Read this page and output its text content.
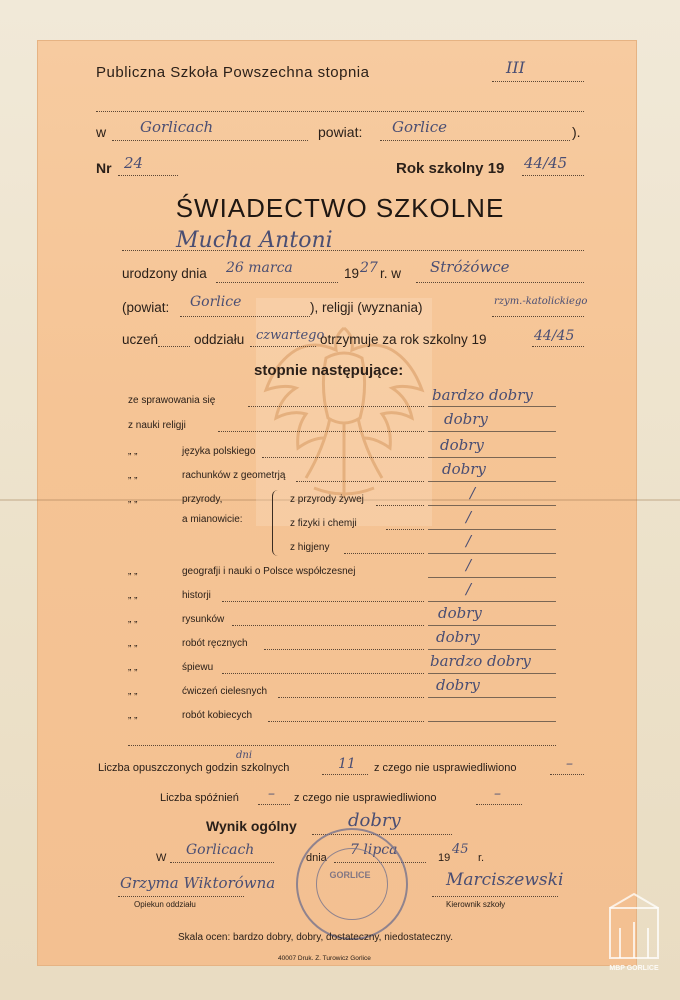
Publiczna Szkoła Powszechna stopnia	III
w Gorlicach	powiat: Gorlice	).
Nr 24	Rok szkolny 19 44/45
ŚWIADECTWO SZKOLNE
Mucha Antoni
urodzony dnia 26 marca	19 27 r. w Stróżówce
(powiat: Gorlice	), religji (wyznania)	rzym.-katolickiego
uczeń	oddziału czwartego
otrzymuje za rok szkolny 19	44/45
stopnie następujące:
ze sprawowania się	bardzo dobry
z nauki religji	dobry
„ „	języka polskiego	dobry
„ „	rachunków z geometrją	dobry
„ „	przyrody,
a mianowicie:
z przyrody żywej	/
z fizyki i chemji	/
z higjeny	/
„ „	geografji i nauki o Polsce współczesnej	/
„ „	historji	/
„ „	rysunków	dobry
„ „	robót ręcznych	dobry
„ „	śpiewu	bardzo dobry
„ „	ćwiczeń cielesnych	dobry
„ „	robót kobiecych
Liczba opuszczonych godzin szkolnych
dni
11 z czego nie usprawiedliwiono	–
Liczba spóźnień – z czego nie usprawiedliwiono	–
Wynik ogólny	dobry
W Gorlicach	dnia 7 lipca	19
45
r.
GORLICE
Grzyma Wiktorówna
Opiekun oddziału
Marciszewski
Kierownik szkoły
Skala ocen: bardzo dobry, dobry, dostateczny, niedostateczny.
40007 Druk. Z. Turowicz Gorlice
MBP GORLICE
